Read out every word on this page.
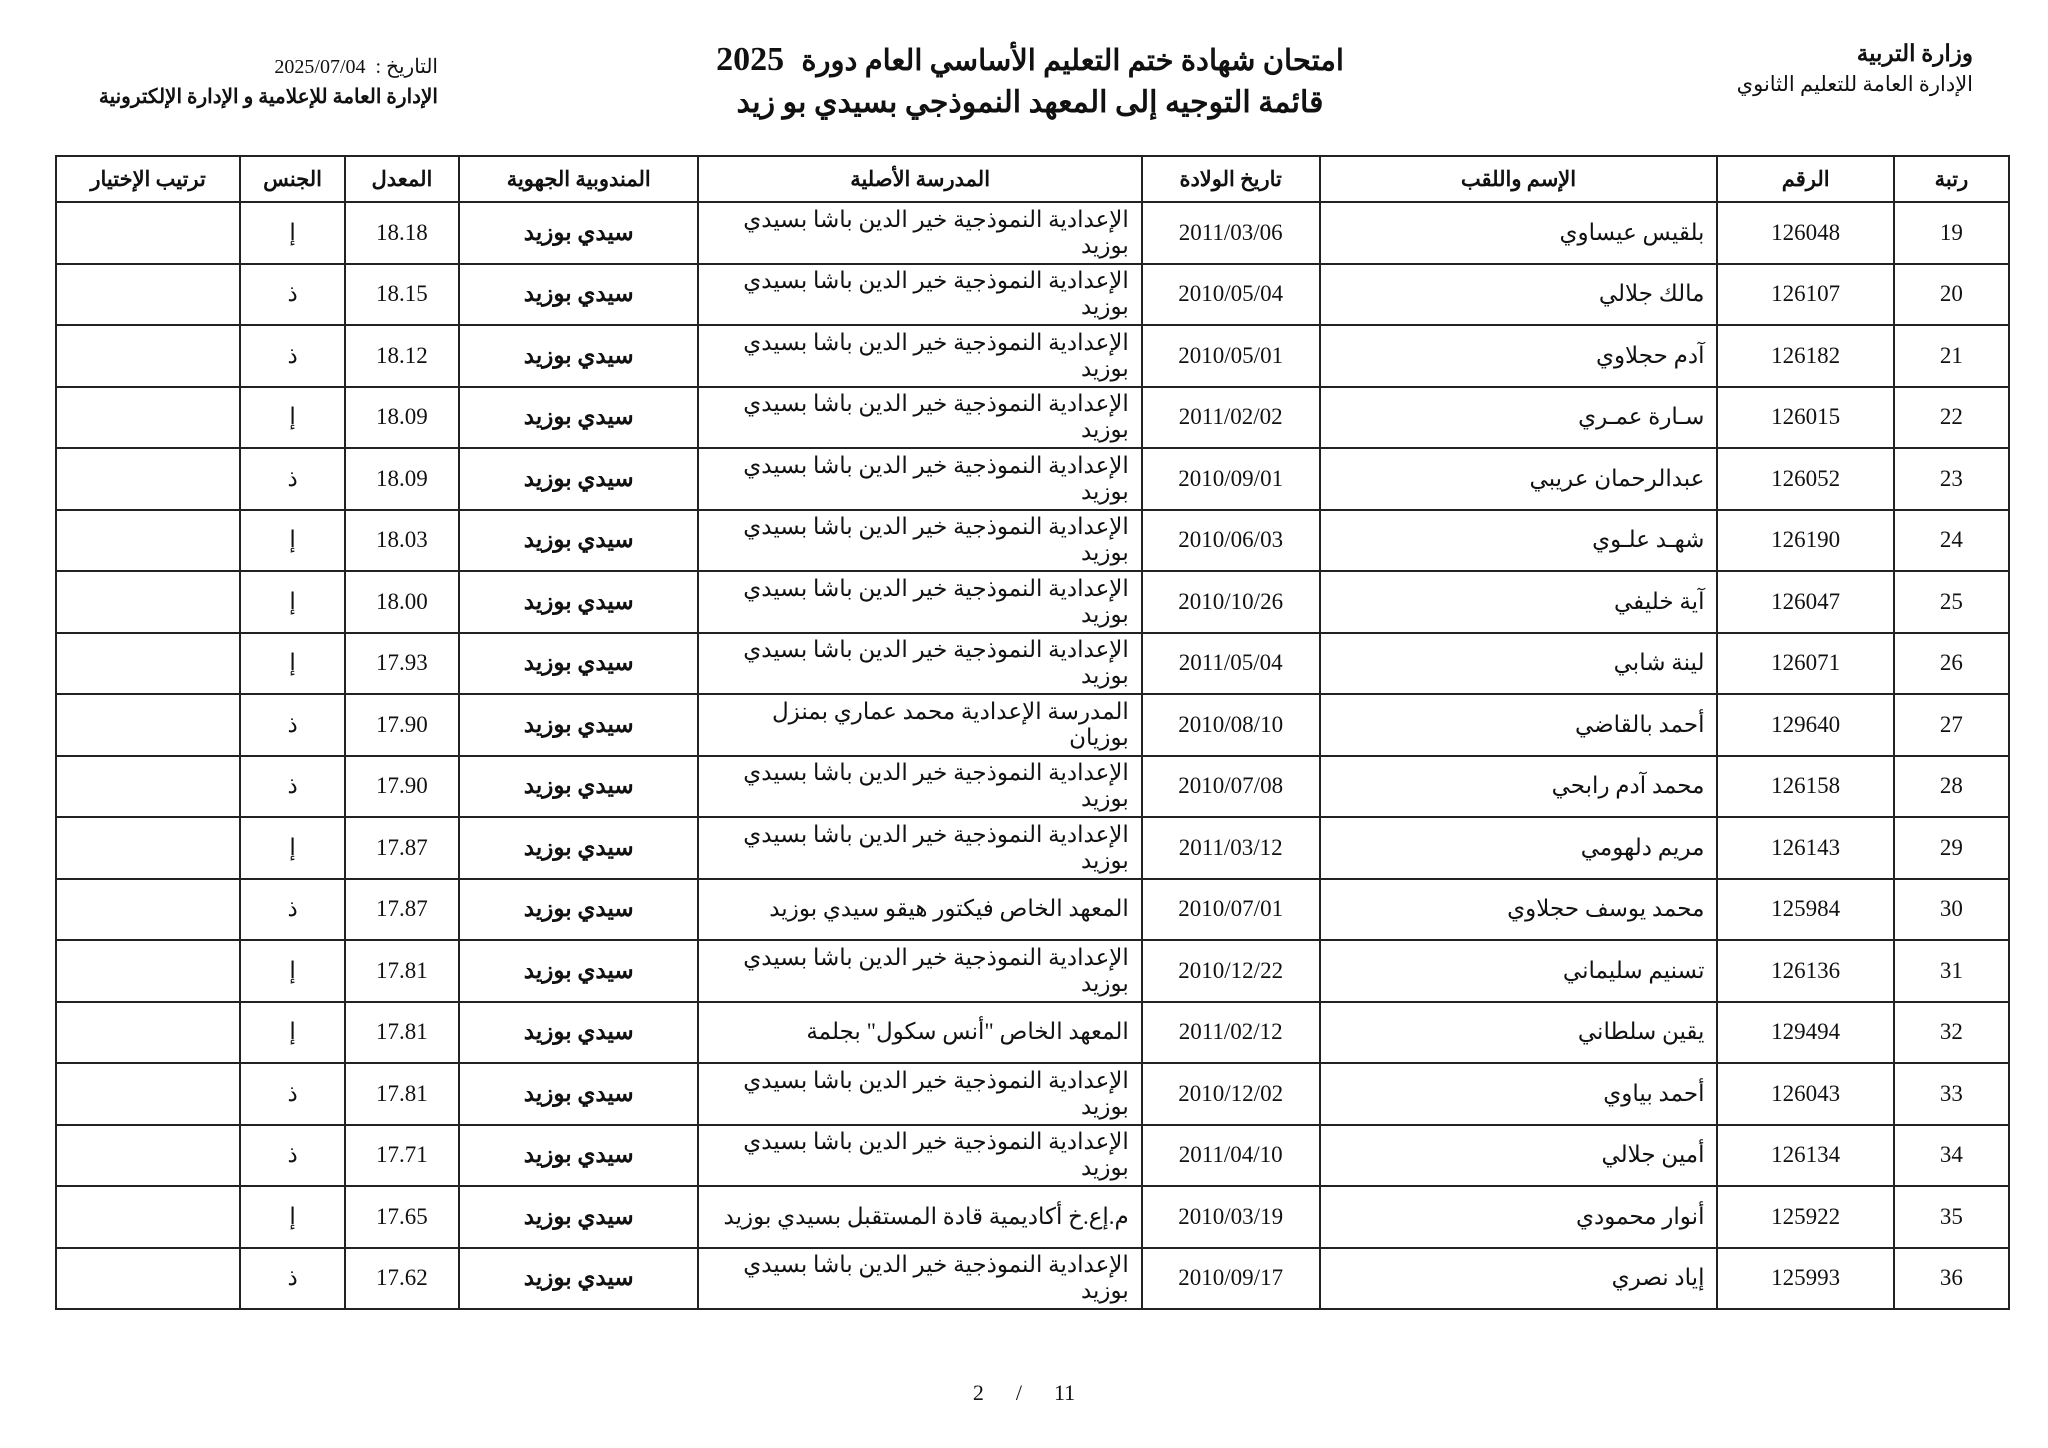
وزارة التربية
الإدارة العامة للتعليم الثانوي
امتحان شهادة ختم التعليم الأساسي العام دورة 2025
قائمة التوجيه إلى المعهد النموذجي بسيدي بو زيد
التاريخ :
2025/07/04
الإدارة العامة للإعلامية و الإدارة الإلكترونية
رتبة	الرقم	الإسم واللقب	تاريخ الولادة	المدرسة الأصلية	المندوبية الجهوية	المعدل	الجنس	ترتيب الإختيار
19	126048	بلقيس عيساوي	2011/03/06	الإعدادية النموذجية خير الدين باشا بسيدي بوزيد	سيدي بوزيد	18.18	إ	
20	126107	مالك جلالي	2010/05/04	الإعدادية النموذجية خير الدين باشا بسيدي بوزيد	سيدي بوزيد	18.15	ذ	
21	126182	آدم حجلاوي	2010/05/01	الإعدادية النموذجية خير الدين باشا بسيدي بوزيد	سيدي بوزيد	18.12	ذ	
22	126015	سـارة عمـري	2011/02/02	الإعدادية النموذجية خير الدين باشا بسيدي بوزيد	سيدي بوزيد	18.09	إ	
23	126052	عبدالرحمان عريبي	2010/09/01	الإعدادية النموذجية خير الدين باشا بسيدي بوزيد	سيدي بوزيد	18.09	ذ	
24	126190	شهـد علـوي	2010/06/03	الإعدادية النموذجية خير الدين باشا بسيدي بوزيد	سيدي بوزيد	18.03	إ	
25	126047	آية خليفي	2010/10/26	الإعدادية النموذجية خير الدين باشا بسيدي بوزيد	سيدي بوزيد	18.00	إ	
26	126071	لينة شابي	2011/05/04	الإعدادية النموذجية خير الدين باشا بسيدي بوزيد	سيدي بوزيد	17.93	إ	
27	129640	أحمد بالقاضي	2010/08/10	المدرسة الإعدادية محمد عماري بمنزل بوزيان	سيدي بوزيد	17.90	ذ	
28	126158	محمد آدم رابحي	2010/07/08	الإعدادية النموذجية خير الدين باشا بسيدي بوزيد	سيدي بوزيد	17.90	ذ	
29	126143	مريم دلهومي	2011/03/12	الإعدادية النموذجية خير الدين باشا بسيدي بوزيد	سيدي بوزيد	17.87	إ	
30	125984	محمد يوسف حجلاوي	2010/07/01	المعهد الخاص فيكتور هيقو سيدي بوزيد	سيدي بوزيد	17.87	ذ	
31	126136	تسنيم سليماني	2010/12/22	الإعدادية النموذجية خير الدين باشا بسيدي بوزيد	سيدي بوزيد	17.81	إ	
32	129494	يقين سلطاني	2011/02/12	المعهد الخاص "أنس سكول" بجلمة	سيدي بوزيد	17.81	إ	
33	126043	أحمد بياوي	2010/12/02	الإعدادية النموذجية خير الدين باشا بسيدي بوزيد	سيدي بوزيد	17.81	ذ	
34	126134	أمين جلالي	2011/04/10	الإعدادية النموذجية خير الدين باشا بسيدي بوزيد	سيدي بوزيد	17.71	ذ	
35	125922	أنوار محمودي	2010/03/19	م.إع.خ أكاديمية قادة المستقبل بسيدي بوزيد	سيدي بوزيد	17.65	إ	
36	125993	إياد نصري	2010/09/17	الإعدادية النموذجية خير الدين باشا بسيدي بوزيد	سيدي بوزيد	17.62	ذ	
2 / 11
